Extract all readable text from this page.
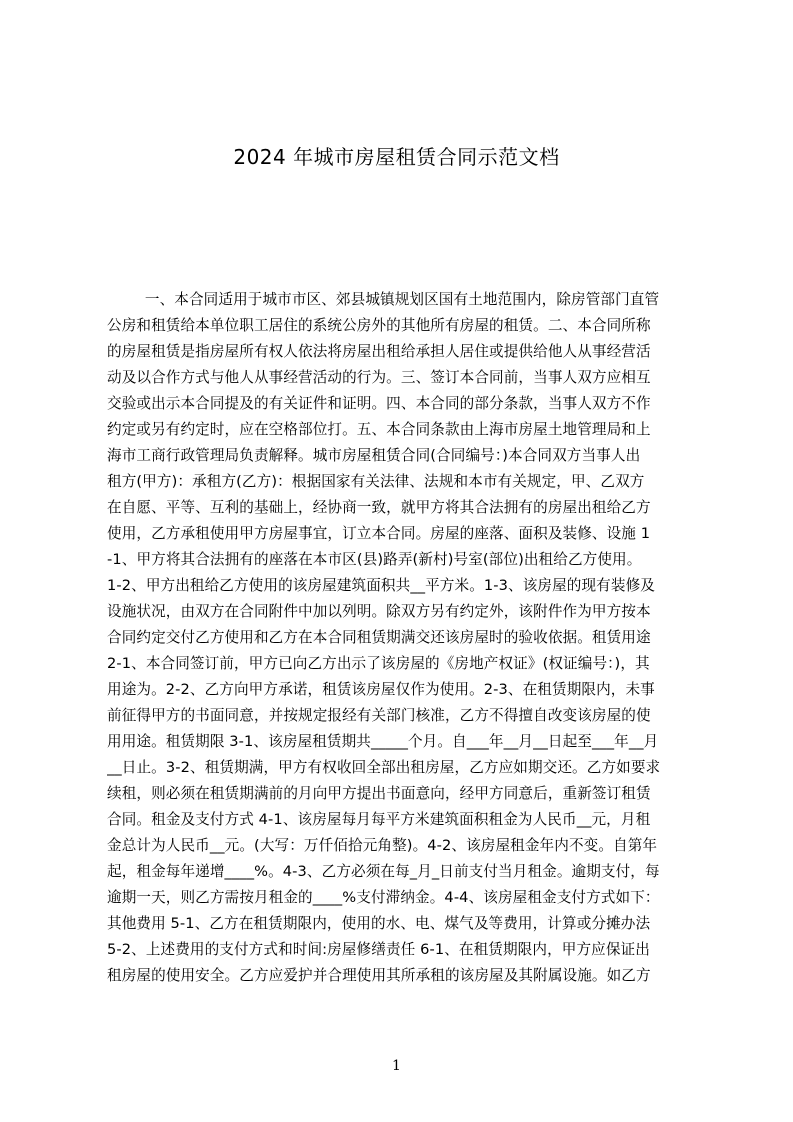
2024 年城市房屋租赁合同示范文档
一、本合同适用于城市市区、郊县城镇规划区国有土地范围内，除房管部门直管
公房和租赁给本单位职工居住的系统公房外的其他所有房屋的租赁。二、本合同所称
的房屋租赁是指房屋所有权人依法将房屋出租给承担人居住或提供给他人从事经营活
动及以合作方式与他人从事经营活动的行为。三、签订本合同前，当事人双方应相互
交验或出示本合同提及的有关证件和证明。四、本合同的部分条款，当事人双方不作
约定或另有约定时，应在空格部位打。五、本合同条款由上海市房屋土地管理局和上
海市工商行政管理局负责解释。城市房屋租赁合同(合同编号：)本合同双方当事人出
租方(甲方)：承租方(乙方)：根据国家有关法律、法规和本市有关规定，甲、乙双方
在自愿、平等、互利的基础上，经协商一致，就甲方将其合法拥有的房屋出租给乙方
使用，乙方承租使用甲方房屋事宜，订立本合同。房屋的座落、面积及装修、设施 1
-1、甲方将其合法拥有的座落在本市区(县)路弄(新村)号室(部位)出租给乙方使用。
1-2、甲方出租给乙方使用的该房屋建筑面积共__平方米。1-3、该房屋的现有装修及
设施状况，由双方在合同附件中加以列明。除双方另有约定外，该附件作为甲方按本
合同约定交付乙方使用和乙方在本合同租赁期满交还该房屋时的验收依据。租赁用途
2-1、本合同签订前，甲方已向乙方出示了该房屋的《房地产权证》(权证编号：)，其
用途为。2-2、乙方向甲方承诺，租赁该房屋仅作为使用。2-3、在租赁期限内，未事
前征得甲方的书面同意，并按规定报经有关部门核准，乙方不得擅自改变该房屋的使
用用途。租赁期限 3-1、该房屋租赁期共_____个月。自___年__月__日起至___年__月
__日止。3-2、租赁期满，甲方有权收回全部出租房屋，乙方应如期交还。乙方如要求
续租，则必须在租赁期满前的月向甲方提出书面意向，经甲方同意后，重新签订租赁
合同。租金及支付方式 4-1、该房屋每月每平方米建筑面积租金为人民币__元，月租
金总计为人民币__元。(大写：万仟佰拾元角整)。4-2、该房屋租金年内不变。自第年
起，租金每年递增____%。4-3、乙方必须在每_月_日前支付当月租金。逾期支付，每
逾期一天，则乙方需按月租金的____%支付滞纳金。4-4、该房屋租金支付方式如下：
其他费用 5-1、乙方在租赁期限内，使用的水、电、煤气及等费用，计算或分摊办法
5-2、上述费用的支付方式和时间:房屋修缮责任 6-1、在租赁期限内，甲方应保证出
租房屋的使用安全。乙方应爱护并合理使用其所承租的该房屋及其附属设施。如乙方
1
